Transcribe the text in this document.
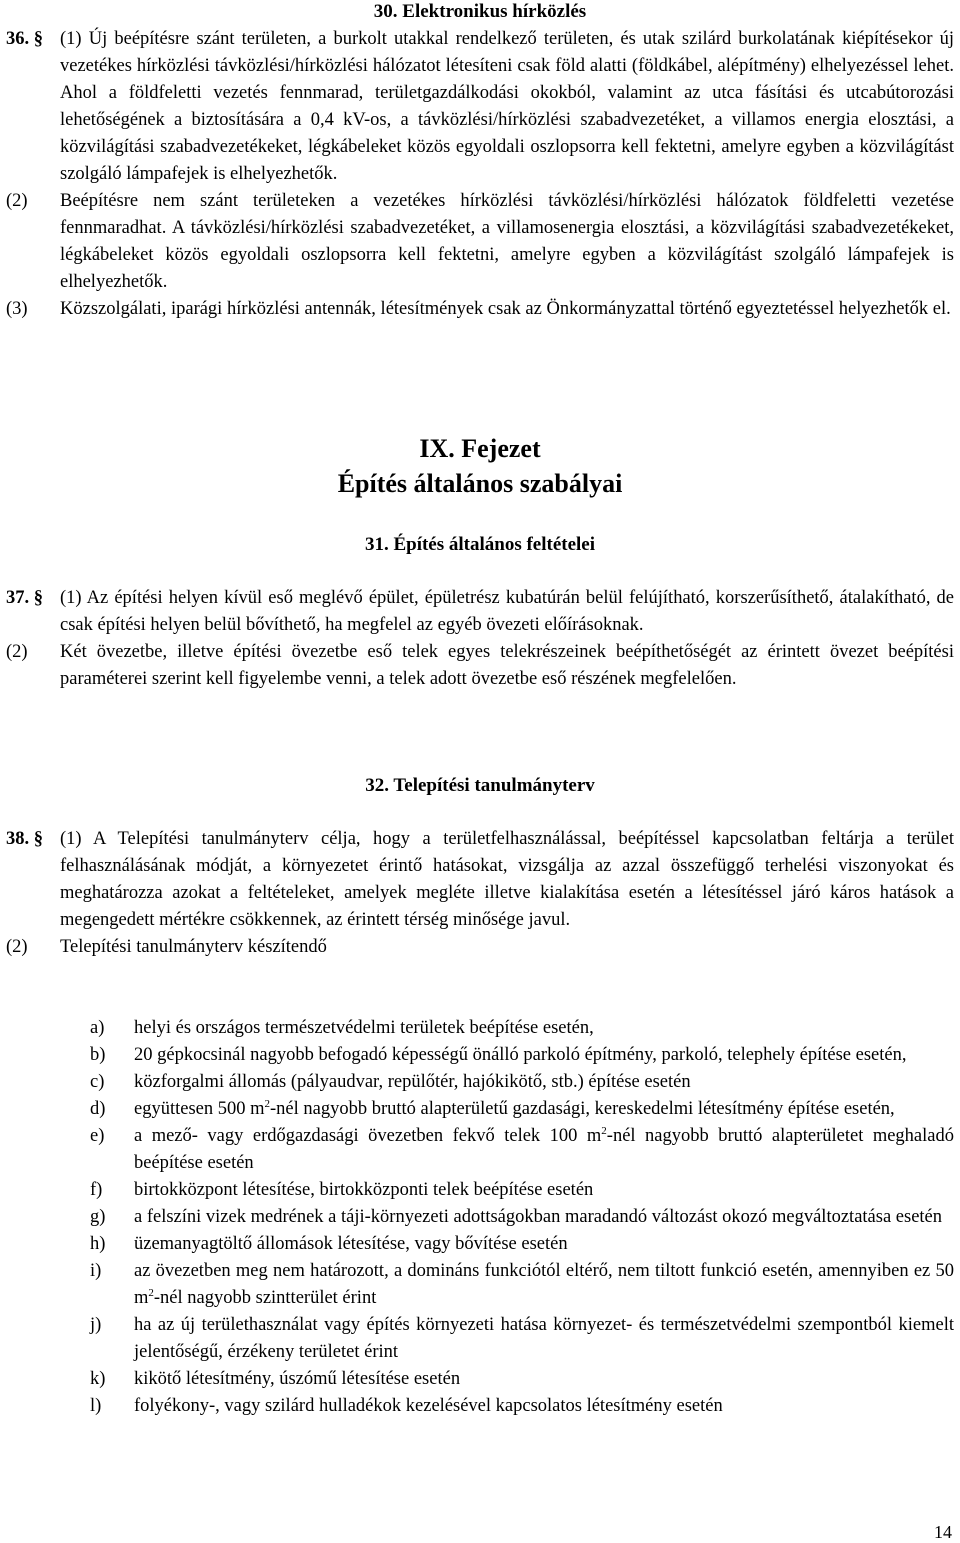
30. Elektronikus hírközlés
36. § (1) Új beépítésre szánt területen, a burkolt utakkal rendelkező területen, és utak szilárd burkolatának kiépítésekor új vezetékes hírközlési távközlési/hírközlési hálózatot létesíteni csak föld alatti (földkábel, alépítmény) elhelyezéssel lehet. Ahol a földfeletti vezetés fennmarad, területgazdálkodási okokból, valamint az utca fásítási és utcabútorozási lehetőségének a biztosítására a 0,4 kV-os, a távközlési/hírközlési szabadvezetéket, a villamos energia elosztási, a közvilágítási szabadvezetékeket, légkábeleket közös egyoldali oszlopsorra kell fektetni, amelyre egyben a közvilágítást szolgáló lámpafejek is elhelyezhetők.
(2) Beépítésre nem szánt területeken a vezetékes hírközlési távközlési/hírközlési hálózatok földfeletti vezetése fennmaradhat. A távközlési/hírközlési szabadvezetéket, a villamosenergia elosztási, a közvilágítási szabadvezetékeket, légkábeleket közös egyoldali oszlopsorra kell fektetni, amelyre egyben a közvilágítást szolgáló lámpafejek is elhelyezhetők.
(3) Közszolgálati, iparági hírközlési antennák, létesítmények csak az Önkormányzattal történő egyeztetéssel helyezhetők el.
IX. Fejezet
Építés általános szabályai
31. Építés általános feltételei
37. § (1) Az építési helyen kívül eső meglévő épület, épületrész kubatúrán belül felújítható, korszerűsíthető, átalakítható, de csak építési helyen belül bővíthető, ha megfelel az egyéb övezeti előírásoknak.
(2) Két övezetbe, illetve építési övezetbe eső telek egyes telekrészeinek beépíthetőségét az érintett övezet beépítési paraméterei szerint kell figyelembe venni, a telek adott övezetbe eső részének megfelelően.
32. Telepítési tanulmányterv
38. § (1) A Telepítési tanulmányterv célja, hogy a területfelhasználással, beépítéssel kapcsolatban feltárja a terület felhasználásának módját, a környezetet érintő hatásokat, vizsgálja az azzal összefüggő terhelési viszonyokat és meghatározza azokat a feltételeket, amelyek megléte illetve kialakítása esetén a létesítéssel járó káros hatások a megengedett mértékre csökkennek, az érintett térség minősége javul.
(2) Telepítési tanulmányterv készítendő
a) helyi és országos természetvédelmi területek beépítése esetén,
b) 20 gépkocsinál nagyobb befogadó képességű önálló parkoló építmény, parkoló, telephely építése esetén,
c) közforgalmi állomás (pályaudvar, repülőtér, hajókikötő, stb.) építése esetén
d) együttesen 500 $m^2$-nél nagyobb bruttó alapterületű gazdasági, kereskedelmi létesítmény építése esetén,
e) a mező- vagy erdőgazdasági övezetben fekvő telek 100 $m^2$-nél nagyobb bruttó alapterületet meghaladó beépítése esetén
f) birtokközpont létesítése, birtokközponti telek beépítése esetén
g) a felszíni vizek medrének a táji-környezeti adottságokban maradandó változást okozó megváltoztatása esetén
h) üzemanyagtöltő állomások létesítése, vagy bővítése esetén
i) az övezetben meg nem határozott, a domináns funkciótól eltérő, nem tiltott funkció esetén, amennyiben ez 50 $m^2$-nél nagyobb szintterület érint
j) ha az új területhasználat vagy építés környezeti hatása környezet- és természetvédelmi szempontból kiemelt jelentőségű, érzékeny területet érint
k) kikötő létesítmény, úszómű létesítése esetén
l) folyékony-, vagy szilárd hulladékok kezelésével kapcsolatos létesítmény esetén
14
